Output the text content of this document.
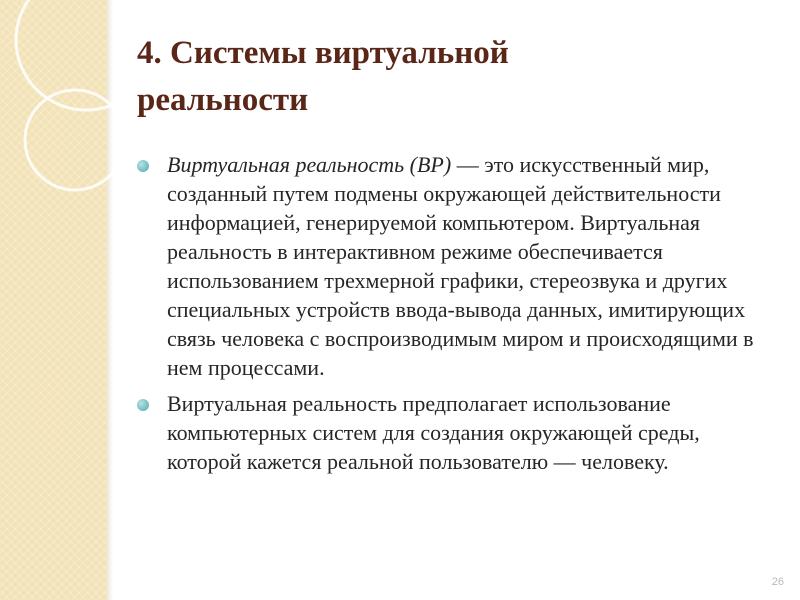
4. Системы виртуальной
реальности
Виртуальная реальность (ВР) — это искусственный мир, созданный путем подмены окружающей действительности информацией, генерируемой компьютером. Виртуальная реальность в интерактивном режиме обеспечивается использованием трехмерной графики, стереозвука и других специальных устройств ввода-вывода данных, имитирующих связь человека с воспроизводимым миром и происходящими в нем процессами.
Виртуальная реальность предполагает использование компьютерных систем для создания окружающей среды, которой кажется реальной пользователю — человеку.
26
